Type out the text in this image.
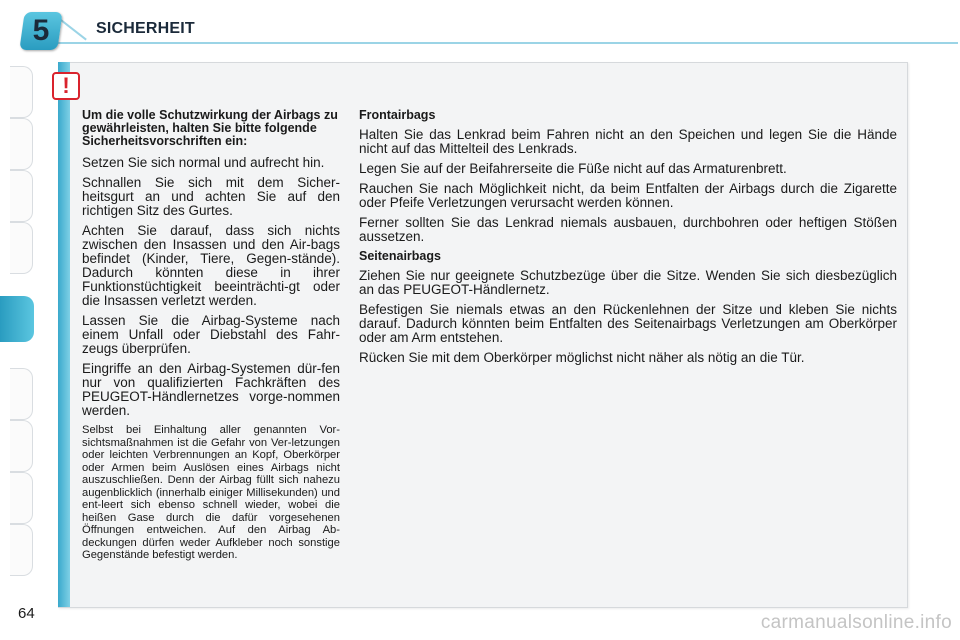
5	SICHERHEIT
!
Um die volle Schutzwirkung der Airbags zu gewährleisten, halten Sie bitte folgende Sicherheitsvorschriften ein:

Setzen Sie sich normal und aufrecht hin.

Schnallen Sie sich mit dem Sicher-heitsgurt an und achten Sie auf den richtigen Sitz des Gurtes.

Achten Sie darauf, dass sich nichts zwischen den Insassen und den Air-bags befindet (Kinder, Tiere, Gegen-stände). Dadurch könnten diese in ihrer Funktionstüchtigkeit beeinträchti-gt oder die Insassen verletzt werden.

Lassen Sie die Airbag-Systeme nach einem Unfall oder Diebstahl des Fahr-zeugs überprüfen.

Eingriffe an den Airbag-Systemen dür-fen nur von qualifizierten Fachkräften des PEUGEOT-Händlernetzes vorge-nommen werden.

Selbst bei Einhaltung aller genannten Vor-sichtsmaßnahmen ist die Gefahr von Ver-letzungen oder leichten Verbrennungen an Kopf, Oberkörper oder Armen beim Auslösen eines Airbags nicht auszuschließen. Denn der Airbag füllt sich nahezu augenblicklich (innerhalb einiger Millisekunden) und ent-leert sich ebenso schnell wieder, wobei die heißen Gase durch die dafür vorgesehenen Öffnungen entweichen. Auf den Airbag Ab-deckungen dürfen weder Aufkleber noch sonstige Gegenstände befestigt werden.

Frontairbags

Halten Sie das Lenkrad beim Fahren nicht an den Speichen und legen Sie die Hände nicht auf das Mittelteil des Lenkrads.

Legen Sie auf der Beifahrerseite die Füße nicht auf das Armaturenbrett.

Rauchen Sie nach Möglichkeit nicht, da beim Entfalten der Airbags durch die Zigarette oder Pfeife Verletzungen verursacht werden können.

Ferner sollten Sie das Lenkrad niemals ausbauen, durchbohren oder heftigen Stößen aussetzen.

Seitenairbags

Ziehen Sie nur geeignete Schutzbezüge über die Sitze. Wenden Sie sich diesbezüglich an das PEUGEOT-Händlernetz.

Befestigen Sie niemals etwas an den Rückenlehnen der Sitze und kleben Sie nichts darauf. Dadurch könnten beim Entfalten des Seitenairbags Verletzungen am Oberkörper oder am Arm entstehen.

Rücken Sie mit dem Oberkörper möglichst nicht näher als nötig an die Tür.

64	carmanualsonline.info
